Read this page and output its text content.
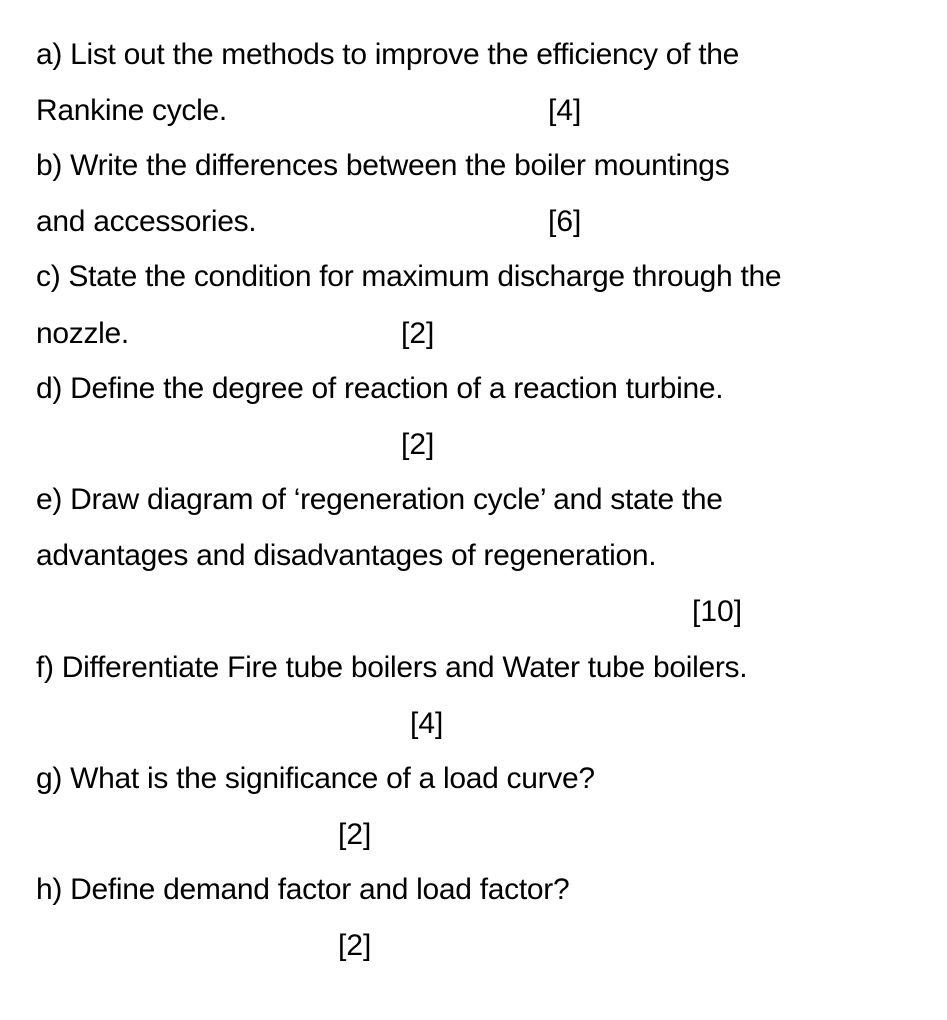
a) List out the methods to improve the efficiency of the
Rankine cycle.	[4]
b) Write the differences between the boiler mountings
and accessories.	[6]
c) State the condition for maximum discharge through the
nozzle.	[2]
d) Define the degree of reaction of a reaction turbine.
[2]
e) Draw diagram of ‘regeneration cycle’ and state the
advantages and disadvantages of regeneration.
[10]
f) Differentiate Fire tube boilers and Water tube boilers.
[4]
g) What is the significance of a load curve?
[2]
h) Define demand factor and load factor?
[2]
